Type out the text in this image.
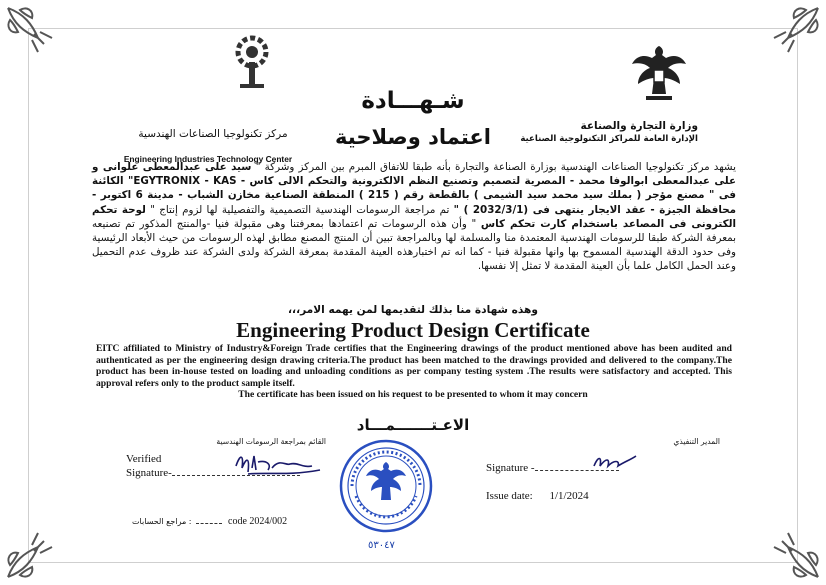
مركز تكنولوجيا الصناعات الهندسية
Engineering Industries Technology Center
وزارة التجارة والصناعة
الإدارة العامة للمراكز التكنولوجية الصناعية
شـهـــادة
اعتماد وصلاحية

يشهد مركز تكنولوجيا الصناعات الهندسية بوزارة الصناعة والتجارة بأنه طبقا للاتفاق المبرم بين المركز وشركة " سيد على عبدالمعطى علوانى و على عبدالمعطى ابوالوفا محمد - المصرية لتصميم وتصنيع النظم الالكترونية والتحكم الالى كاس - EGYTRONIX - KAS" الكائنة فى " مصنع مؤجر ( بملك سيد محمد سيد الشيمى ) بالقطعة رقم ( 215 ) المنطقة الصناعية مخازن الشباب - مدينة 6 اكتوبر - محافظة الجيزة - عقد الايجار ينتهى فى (2032/3/1 ) " تم مراجعة الرسومات الهندسية التصميمية والتفصيلية لها لزوم إنتاج " لوحة تحكم الكترونى فى المصاعد باستخدام كارت تحكم كاس " وأن هذه الرسومات تم اعتمادها بمعرفتنا وهى مقبولة فنيا -والمنتج المذكور تم تصنيعه بمعرفة الشركة طبقا للرسومات الهندسية المعتمدة منا والمسلمة لها وبالمراجعة تبين أن المنتج المصنع مطابق لهذه الرسومات من حيث الأبعاد الرئيسية وفى حدود الدقة الهندسية المسموح بها وانها مقبولة فنيا - كما انه تم اختبارهذه العينة المقدمة بمعرفة الشركة ولدى الشركة عند ظروف عدم التحميل وعند الحمل الكامل علما بأن العينة المقدمة لا تمثل إلا نفسها.

وهذه شهادة منا بذلك لتقديمها لمن يهمه الامر،،،
Engineering Product Design Certificate
EITC affiliated to Ministry of Industry&Foreign Trade certifies that the Engineering drawings of the product mentioned above has been audited and authenticated as per the engineering design drawing criteria.The product has been matched to the drawings provided and delivered to the company.The product has been in-house tested on loading and unloading conditions as per company testing system .The results were satisfactory and accepted. This approval refers only to the product sample itself.
The certificate has been issued on his request to be presented to whom it may concern
الاعـتـــــــمـــاد
القائم بمراجعة الرسومات الهندسية	المدير التنفيذي
Verified
Signature-
٥٣٠٤٧
Signature -
Issue date: 1/1/2024
مراجع الحسابات :	code 2024/002
